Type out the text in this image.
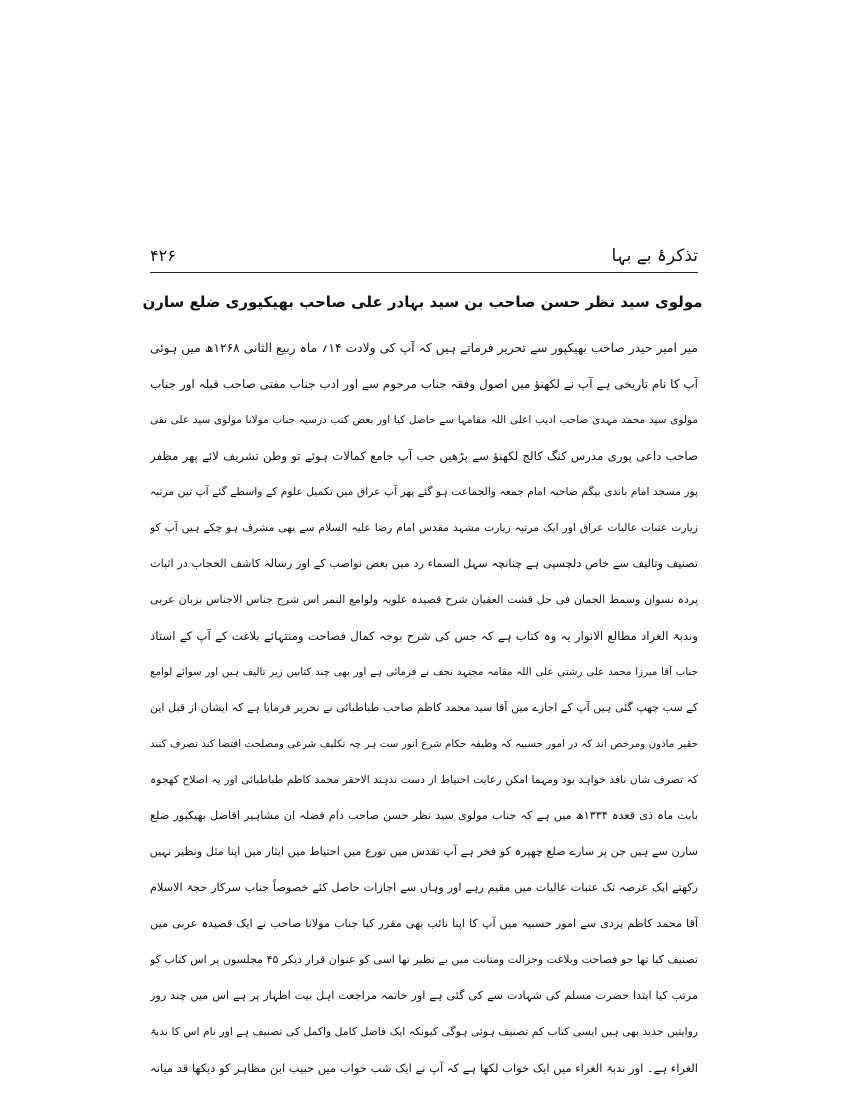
تذکرۂ بے بہا
۴۲۶
مولوی سید نظر حسن صاحب بن سید بہادر علی صاحب بھیکپوری ضلع سارن
میر امیر حیدر صاحب بھیکپور سے تحریر فرماتے ہیں کہ آپ کی ولادت ۱۴؍ ماہ ربیع الثانی ۱۲۶۸ھ میں ہوئی
آپ کا نام تاریخی ہے آپ نے لکھنؤ میں اصول وفقہ جناب مرحوم سے اور ادب جناب مفتی صاحب قبلہ اور جناب
مولوی سید محمد مہدی صاحب ادیب اعلی اللہ مقامہا سے حاصل کیا اور بعض کتب درسیہ جناب مولانا مولوی سید علی نقی
صاحب داعی پوری مدرس کنگ کالج لکھنؤ سے پڑھیں جب آپ جامع کمالات ہوئے تو وطن تشریف لائے پھر مظفر
پور مسجد امام باندی بیگم صاحبہ امام جمعہ والجماعت ہو گئے پھر آپ عراق میں تکمیل علوم کے واسطے گئے آپ تین مرتبہ
زیارت عتبات عالیات عراق اور ایک مرتبہ زیارت مشہد مقدس امام رضا علیہ السلام سے بھی مشرف ہو چکے ہیں آپ کو
تصنیف وتالیف سے خاص دلچسپی ہے چنانچہ سہل السماء رد میں بعض نواصب کے اور رسالہ کاشف الحجاب در اثبات
پردہ نسوان وسمط الجمان فی حل قشت العقیان شرح قصیدہ علویہ ولوامع النمر اس شرح جناس الاجناس بزبان عربی
وندبۃ الغراد مطالع الانوار یہ وہ کتاب ہے کہ جس کی شرح بوجہ کمال فصاحت ومنتہائے بلاغت کے آپ کے استاد
جناب آقا میرزا محمد علی رشتی علی اللہ مقامہ مجتہد نجف نے فرمائی ہے اور بھی چند کتابیں زیر تالیف ہیں اور سوائے لوامع
کے سب چھپ گئی ہیں آپ کے اجازے میں آقا سید محمد کاظم صاحب طباطبائی نے تحریر فرمایا ہے کہ ایشان از قبل این
حقیر ماذون ومرخص اند کہ در امور حسبیہ کہ وظیفہ حکام شرع انور ست ہر چہ تکلیف شرعی ومصلحت اقتضا کند تصرف کنند
کہ تصرف شان نافذ خواہد بود ومہما امکن رعایت احتیاط از دست ندہند الاحقر محمد کاظم طباطبائی اور یہ اصلاح کھجوہ
بابت ماہ ذی قعدہ ۱۳۳۴ھ میں ہے کہ جناب مولوی سید نظر حسن صاحب دام فضلہ ان مشاہیر افاضل بھیکپور ضلع
سارن سے ہیں جن پر سارے ضلع چھپرہ کو فخر ہے آپ تقدس میں تورع میں احتیاط میں ایثار میں اپنا مثل ونظیر نہیں
رکھتے ایک عرصہ تک عتبات عالیات میں مقیم رہے اور وہاں سے اجازات حاصل کئے خصوصاً جناب سرکار حجۃ الاسلام
آقا محمد کاظم یزدی سے امور حسبیہ میں آپ کا اپنا نائب بھی مقرر کیا جناب مولانا صاحب نے ایک قصیدہ عربی میں
تصنیف کیا تھا جو فصاحت وبلاغت وجزالت ومتانت میں بے نظیر تھا اسی کو عنوان قرار دیکر ۴۵ مجلسوں پر اس کتاب کو
مرتب کیا ابتدا حضرت مسلم کی شہادت سے کی گئی ہے اور خاتمہ مراجعت اہل بیت اطہار پر ہے اس میں چند روز
روایتیں جدید بھی ہیں ایسی کتاب کم تصنیف ہوئی ہوگی کیونکہ ایک فاضل کامل واکمل کی تصنیف ہے اور نام اس کا ندبۃ
الغراء ہے۔ اور ندبۃ الغراء میں ایک خواب لکھا ہے کہ آپ نے ایک شب خواب میں حبیب ابن مظاہر کو دیکھا قد میانہ
